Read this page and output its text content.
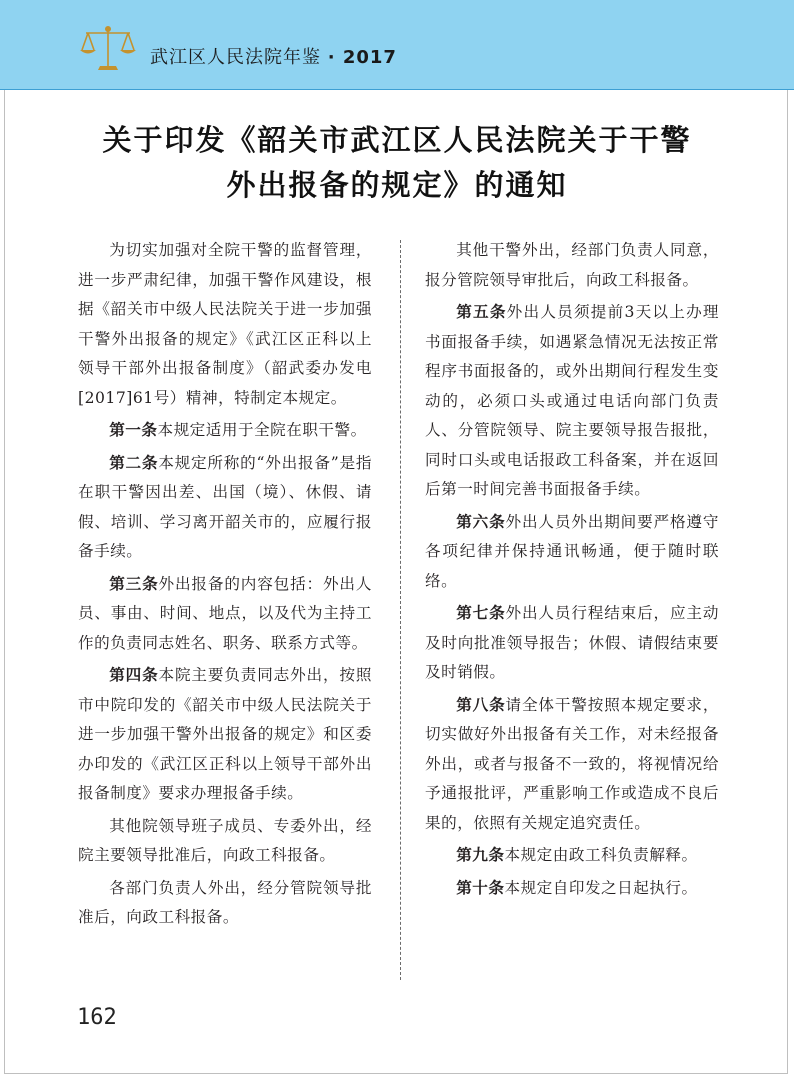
武江区人民法院年鉴 · 2017
关于印发《韶关市武江区人民法院关于干警
外出报备的规定》的通知

为切实加强对全院干警的监督管理，进一步严肃纪律，加强干警作风建设，根据《韶关市中级人民法院关于进一步加强干警外出报备的规定》《武江区正科以上领导干部外出报备制度》（韶武委办发电[2017]61号）精神，特制定本规定。

第一条本规定适用于全院在职干警。

第二条本规定所称的“外出报备”是指在职干警因出差、出国（境）、休假、请假、培训、学习离开韶关市的，应履行报备手续。

第三条外出报备的内容包括：外出人员、事由、时间、地点，以及代为主持工作的负责同志姓名、职务、联系方式等。

第四条本院主要负责同志外出，按照市中院印发的《韶关市中级人民法院关于进一步加强干警外出报备的规定》和区委办印发的《武江区正科以上领导干部外出报备制度》要求办理报备手续。

其他院领导班子成员、专委外出，经院主要领导批准后，向政工科报备。

各部门负责人外出，经分管院领导批准后，向政工科报备。

其他干警外出，经部门负责人同意，报分管院领导审批后，向政工科报备。

第五条外出人员须提前3天以上办理书面报备手续，如遇紧急情况无法按正常程序书面报备的，或外出期间行程发生变动的，必须口头或通过电话向部门负责人、分管院领导、院主要领导报告报批，同时口头或电话报政工科备案，并在返回后第一时间完善书面报备手续。

第六条外出人员外出期间要严格遵守各项纪律并保持通讯畅通，便于随时联络。

第七条外出人员行程结束后，应主动及时向批准领导报告；休假、请假结束要及时销假。

第八条请全体干警按照本规定要求，切实做好外出报备有关工作，对未经报备外出，或者与报备不一致的，将视情况给予通报批评，严重影响工作或造成不良后果的，依照有关规定追究责任。

第九条本规定由政工科负责解释。

第十条本规定自印发之日起执行。

162
